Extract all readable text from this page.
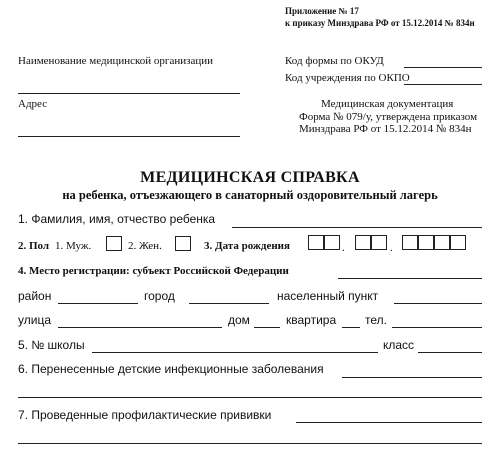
Приложение № 17
к приказу Минздрава РФ от 15.12.2014 № 834н
Наименование медицинской организации
Адрес
Код формы по ОКУД
Код учреждения по ОКПО
Медицинская документация
Форма № 079/у, утверждена приказом
Минздрава РФ от 15.12.2014 № 834н
МЕДИЦИНСКАЯ СПРАВКА
на ребенка, отъезжающего в санаторный оздоровительный лагерь
1. Фамилия, имя, отчество ребенка
2. Пол 1. Муж.	2. Жен.	3. Дата рождения	.	.
4. Место регистрации: субъект Российской Федерации
район	город	населенный пункт
улица	дом	квартира тел.
5. № школы	класс
6. Перенесенные детские инфекционные заболевания
7. Проведенные профилактические прививки
